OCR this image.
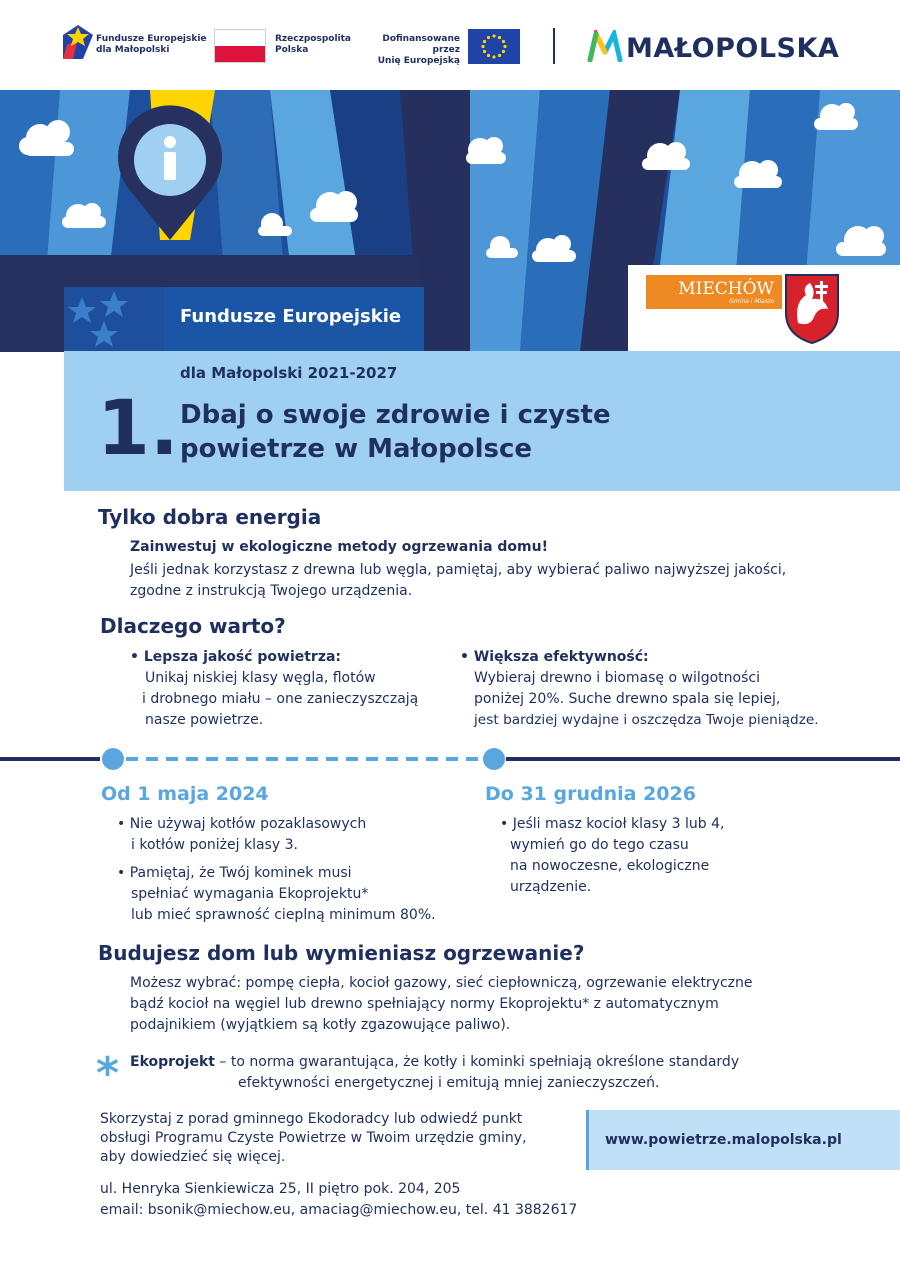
Fundusze Europejskie
dla Małopolski
Rzeczpospolita
Polska
Dofinansowane przez
Unię Europejską	MAŁOPOLSKA
Fundusze Europejskie
MIECHÓW
Gmina i Miasto
dla Małopolski 2021-2027
1. Dbaj o swoje zdrowie i czyste
powietrze w Małopolsce
Tylko dobra energia
Zainwestuj w ekologiczne metody ogrzewania domu!
Jeśli jednak korzystasz z drewna lub węgla, pamiętaj, aby wybierać paliwo najwyższej jakości,
zgodne z instrukcją Twojego urządzenia.
Dlaczego warto?
• Lepsza jakość powietrza:
Unikaj niskiej klasy węgla, flotów
i drobnego miału – one zanieczyszczają
nasze powietrze.
• Większa efektywność:
Wybieraj drewno i biomasę o wilgotności
poniżej 20%. Suche drewno spala się lepiej,
jest bardziej wydajne i oszczędza Twoje pieniądze.
Od 1 maja 2024
• Nie używaj kotłów pozaklasowych
i kotłów poniżej klasy 3.
• Pamiętaj, że Twój kominek musi
spełniać wymagania Ekoprojektu*
lub mieć sprawność cieplną minimum 80%.
Do 31 grudnia 2026
• Jeśli masz kocioł klasy 3 lub 4,
wymień go do tego czasu
na nowoczesne, ekologiczne
urządzenie.
Budujesz dom lub wymieniasz ogrzewanie?
Możesz wybrać: pompę ciepła, kocioł gazowy, sieć ciepłowniczą, ogrzewanie elektryczne
bądź kocioł na węgiel lub drewno spełniający normy Ekoprojektu* z automatycznym
podajnikiem (wyjątkiem są kotły zgazowujące paliwo).
* Ekoprojekt – to norma gwarantująca, że kotły i kominki spełniają określone standardy
efektywności energetycznej i emitują mniej zanieczyszczeń.
Skorzystaj z porad gminnego Ekodoradcy lub odwiedź punkt
obsługi Programu Czyste Powietrze w Twoim urzędzie gminy,
aby dowiedzieć się więcej.
www.powietrze.malopolska.pl
ul. Henryka Sienkiewicza 25, II piętro pok. 204, 205
email: bsonik@miechow.eu, amaciag@miechow.eu, tel. 41 3882617
